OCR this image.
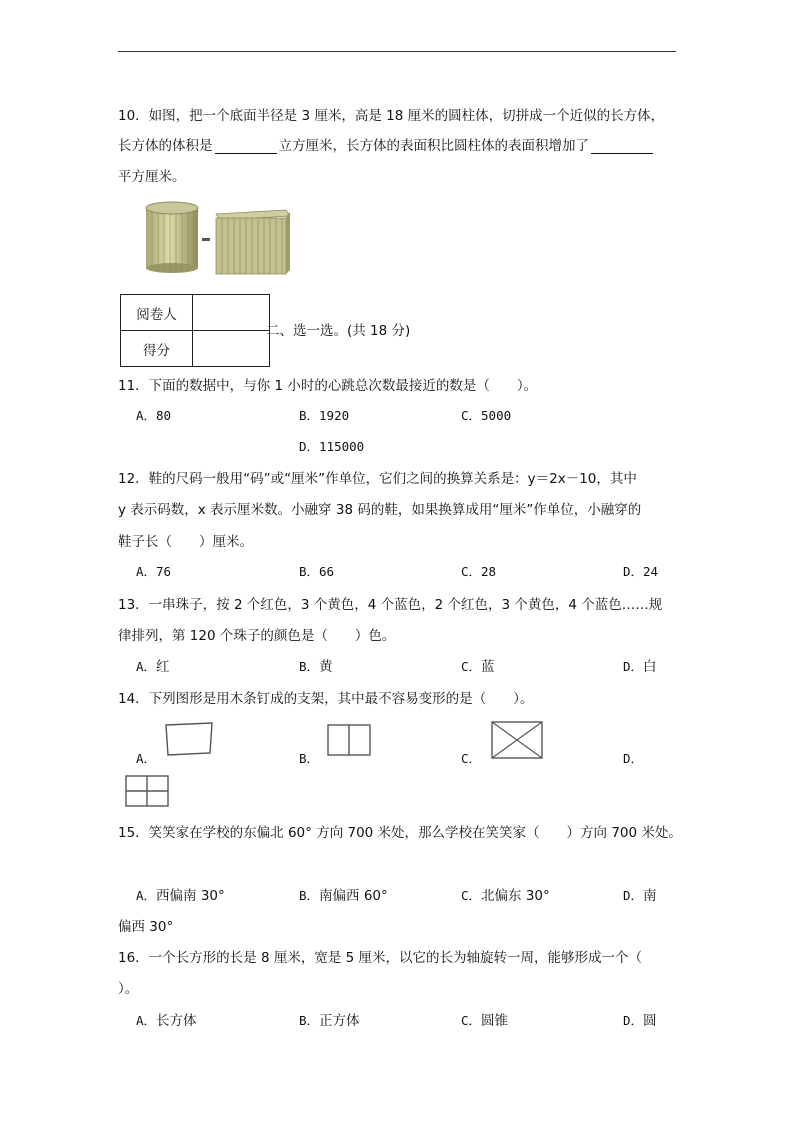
10．如图，把一个底面半径是 3 厘米，高是 18 厘米的圆柱体，切拼成一个近似的长方体，
长方体的体积是	立方厘米，长方体的表面积比圆柱体的表面积增加了
平方厘米。
阅卷人	
得分	
二、选一选。(共 18 分)
11．下面的数据中，与你 1 小时的心跳总次数最接近的数是（　　）。
A．80	B．1920	C．5000
D．115000
12．鞋的尺码一般用“码”或“厘米”作单位，它们之间的换算关系是：y＝2x－10，其中
y 表示码数，x 表示厘米数。小融穿 38 码的鞋，如果换算成用“厘米”作单位，小融穿的
鞋子长（　　）厘米。
A．76	B．66	C．28	D．24
13．一串珠子，按 2 个红色，3 个黄色，4 个蓝色，2 个红色，3 个黄色，4 个蓝色……规
律排列，第 120 个珠子的颜色是（　　）色。
A．红	B．黄	C．蓝	D．白
14．下列图形是用木条钉成的支架，其中最不容易变形的是（　　）。
A．	B．	C．	D．
15．笑笑家在学校的东偏北 60° 方向 700 米处，那么学校在笑笑家（　　）方向 700 米处。
A．西偏南 30°	B．南偏西 60°	C．北偏东 30°	D．南
偏西 30°
16．一个长方形的长是 8 厘米，宽是 5 厘米，以它的长为轴旋转一周，能够形成一个（
）。
A．长方体	B．正方体	C．圆锥	D．圆
